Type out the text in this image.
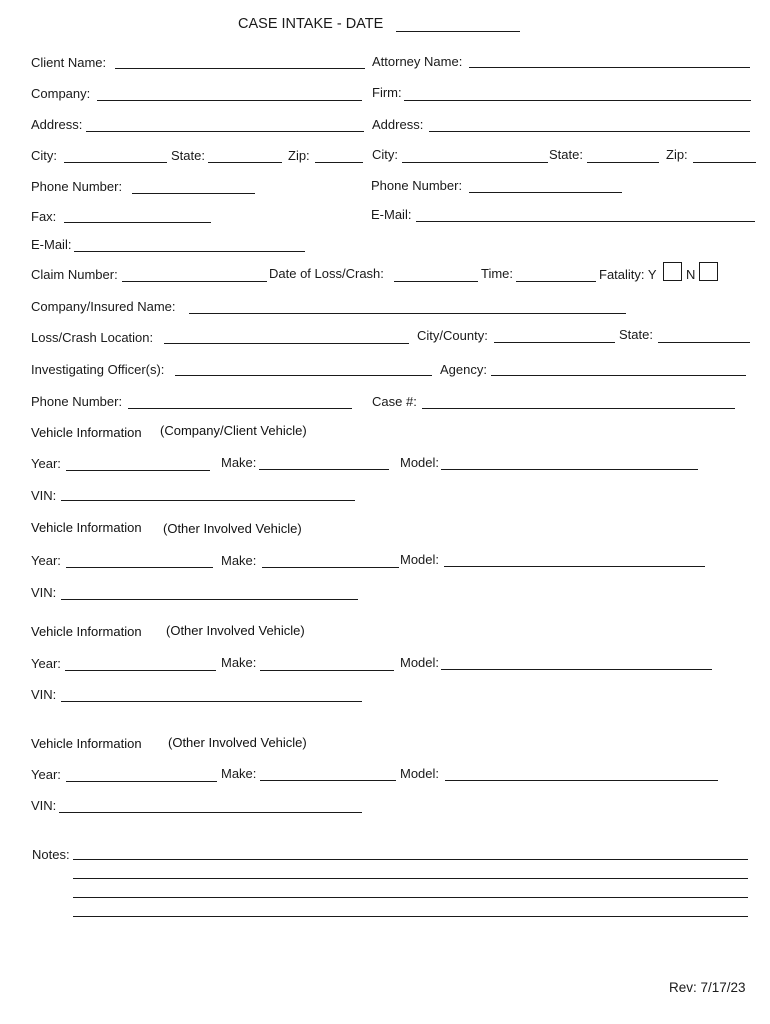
CASE INTAKE - DATE
Client Name:	Attorney Name:
Company:	Firm:
Address:	Address:
City:	State:	Zip:	City:	State:	Zip:
Phone Number:	Phone Number:
Fax:	E-Mail:
E-Mail:
Claim Number:	Date of Loss/Crash:	Time:	Fatality: Y N
Company/Insured Name:
Loss/Crash Location:	City/County:	State:
Investigating Officer(s):	Agency:
Phone Number:	Case #:
Vehicle Information (Company/Client Vehicle)
Year:	Make:	Model:
VIN:
Vehicle Information (Other Involved Vehicle)
Year:	Make:	Model:
VIN:
Vehicle Information (Other Involved Vehicle)
Year:	Make:	Model:
VIN:
Vehicle Information (Other Involved Vehicle)
Year:	Make:	Model:
VIN:
Notes:
Rev: 7/17/23
